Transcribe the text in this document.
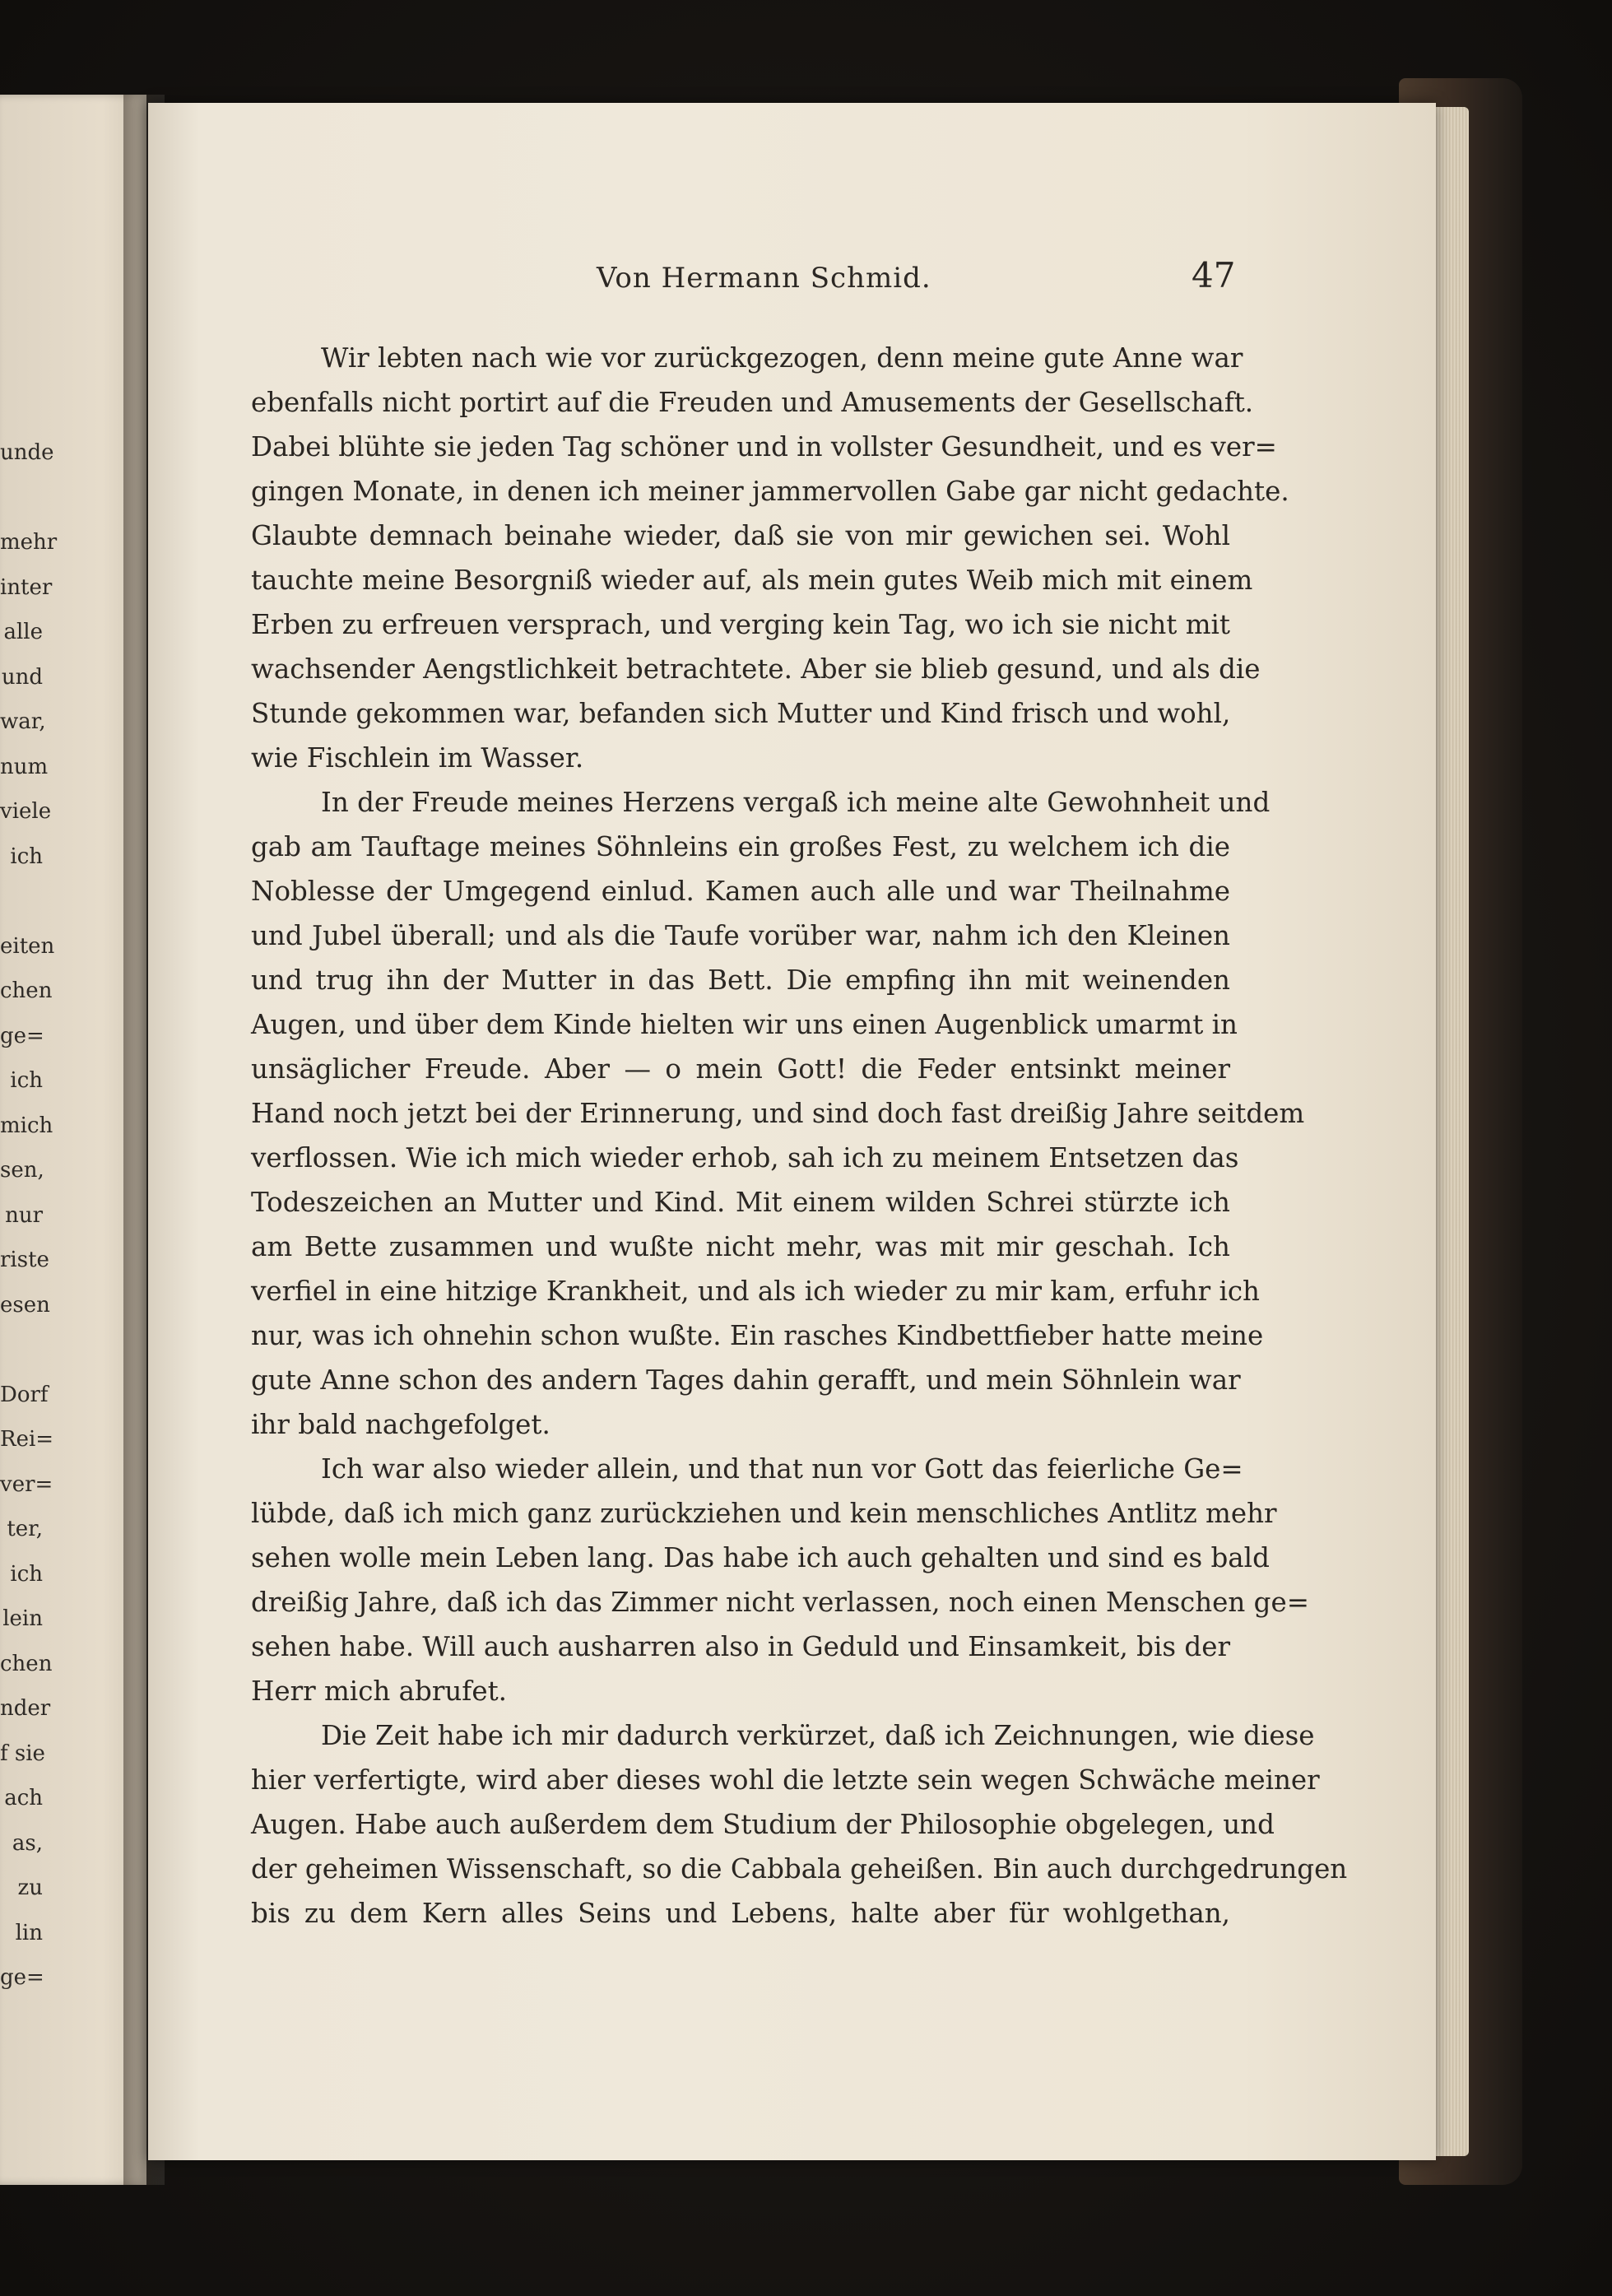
unde
mehr
inter
alle
und
war,
num
viele
ich
eiten
chen
ge=
ich
mich
sen,
nur
riste
esen
Dorf
Rei=
ver=
ter,
ich
lein
chen
nder
f sie
ach
as,
zu
lin
ge=
Von Hermann Schmid.	47
Wir lebten nach wie vor zurückgezogen, denn meine gute Anne war
ebenfalls nicht portirt auf die Freuden und Amusements der Gesellschaft.
Dabei blühte sie jeden Tag schöner und in vollster Gesundheit, und es ver=
gingen Monate, in denen ich meiner jammervollen Gabe gar nicht gedachte.
Glaubte demnach beinahe wieder, daß sie von mir gewichen sei. Wohl
tauchte meine Besorgniß wieder auf, als mein gutes Weib mich mit einem
Erben zu erfreuen versprach, und verging kein Tag, wo ich sie nicht mit
wachsender Aengstlichkeit betrachtete. Aber sie blieb gesund, und als die
Stunde gekommen war, befanden sich Mutter und Kind frisch und wohl,
wie Fischlein im Wasser.
In der Freude meines Herzens vergaß ich meine alte Gewohnheit und
gab am Tauftage meines Söhnleins ein großes Fest, zu welchem ich die
Noblesse der Umgegend einlud. Kamen auch alle und war Theilnahme
und Jubel überall; und als die Taufe vorüber war, nahm ich den Kleinen
und trug ihn der Mutter in das Bett. Die empfing ihn mit weinenden
Augen, und über dem Kinde hielten wir uns einen Augenblick umarmt in
unsäglicher Freude. Aber — o mein Gott! die Feder entsinkt meiner
Hand noch jetzt bei der Erinnerung, und sind doch fast dreißig Jahre seitdem
verflossen. Wie ich mich wieder erhob, sah ich zu meinem Entsetzen das
Todeszeichen an Mutter und Kind. Mit einem wilden Schrei stürzte ich
am Bette zusammen und wußte nicht mehr, was mit mir geschah. Ich
verfiel in eine hitzige Krankheit, und als ich wieder zu mir kam, erfuhr ich
nur, was ich ohnehin schon wußte. Ein rasches Kindbettfieber hatte meine
gute Anne schon des andern Tages dahin gerafft, und mein Söhnlein war
ihr bald nachgefolget.
Ich war also wieder allein, und that nun vor Gott das feierliche Ge=
lübde, daß ich mich ganz zurückziehen und kein menschliches Antlitz mehr
sehen wolle mein Leben lang. Das habe ich auch gehalten und sind es bald
dreißig Jahre, daß ich das Zimmer nicht verlassen, noch einen Menschen ge=
sehen habe. Will auch ausharren also in Geduld und Einsamkeit, bis der
Herr mich abrufet.
Die Zeit habe ich mir dadurch verkürzet, daß ich Zeichnungen, wie diese
hier verfertigte, wird aber dieses wohl die letzte sein wegen Schwäche meiner
Augen. Habe auch außerdem dem Studium der Philosophie obgelegen, und
der geheimen Wissenschaft, so die Cabbala geheißen. Bin auch durchgedrungen
bis zu dem Kern alles Seins und Lebens, halte aber für wohlgethan,
